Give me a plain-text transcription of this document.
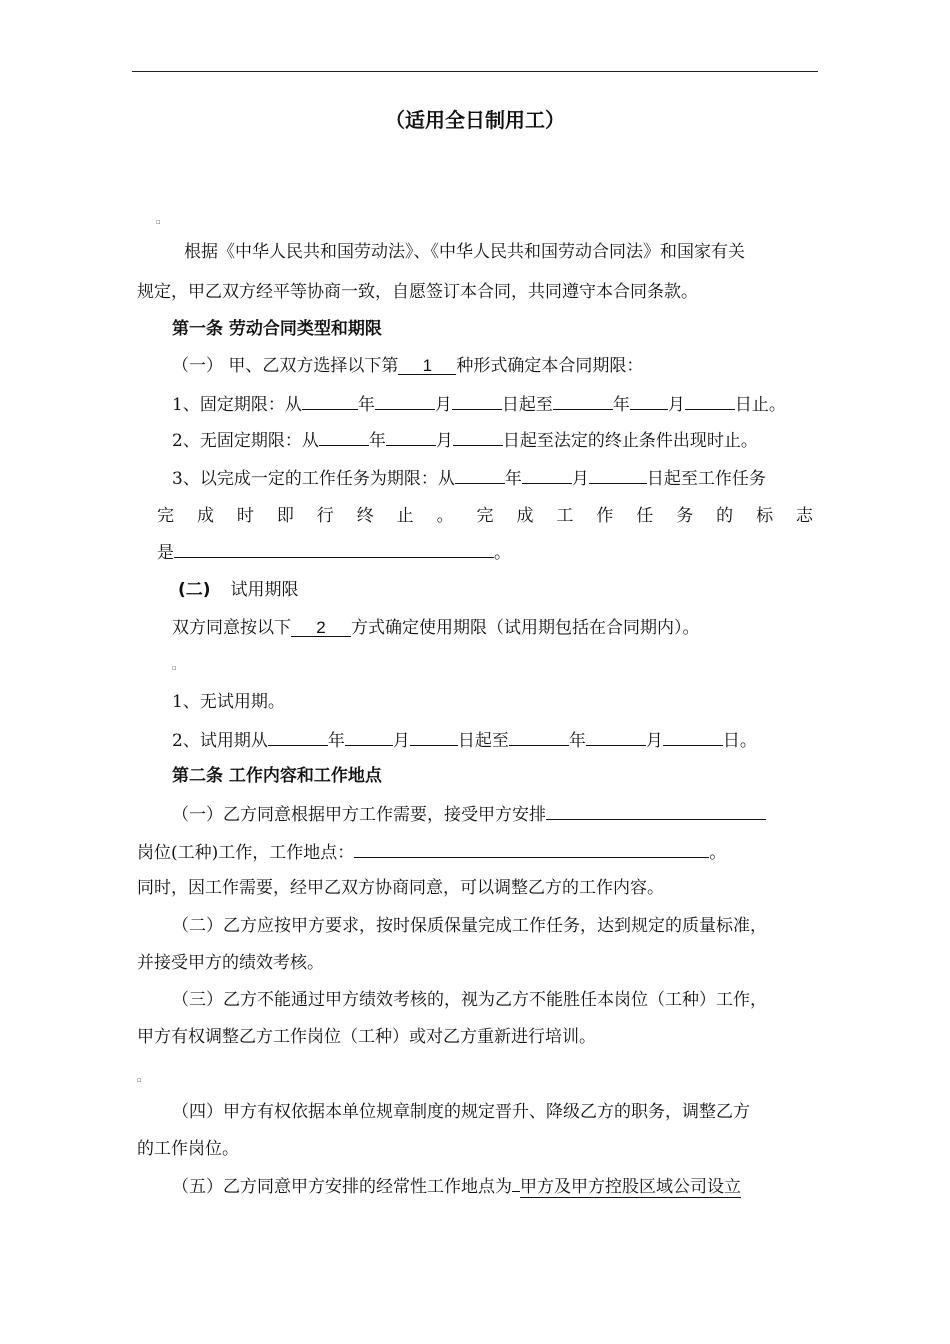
（适用全日制用工）
▫
根据《中华人民共和国劳动法》、《中华人民共和国劳动合同法》和国家有关
规定，甲乙双方经平等协商一致，自愿签订本合同，共同遵守本合同条款。
第一条 劳动合同类型和期限
（一） 甲、乙双方选择以下第 1 种形式确定本合同期限：
1、固定期限：从	年	月	日起至	年 月	日止。
2、无固定期限：从	年	月	日起至法定的终止条件出现时止。
3、以完成一定的工作任务为期限：从	年	月	日起至工作任务
完 成 时 即 行 终 止 。 完 成 工 作 任 务 的 标 志
是	。
(二) 试用期限
双方同意按以下 2 方式确定使用期限（试用期包括在合同期内）。
▫
1、无试用期。
2、试用期从	年	月	日起至	年	月	日。
第二条 工作内容和工作地点
（一）乙方同意根据甲方工作需要，接受甲方安排
岗位(工种)工作，工作地点：	。
同时，因工作需要，经甲乙双方协商同意，可以调整乙方的工作内容。
（二）乙方应按甲方要求，按时保质保量完成工作任务，达到规定的质量标准，
并接受甲方的绩效考核。
（三）乙方不能通过甲方绩效考核的，视为乙方不能胜任本岗位（工种）工作，
甲方有权调整乙方工作岗位（工种）或对乙方重新进行培训。
▫
（四）甲方有权依据本单位规章制度的规定晋升、降级乙方的职务，调整乙方
的工作岗位。
（五）乙方同意甲方安排的经常性工作地点为 甲方及甲方控股区域公司设立
